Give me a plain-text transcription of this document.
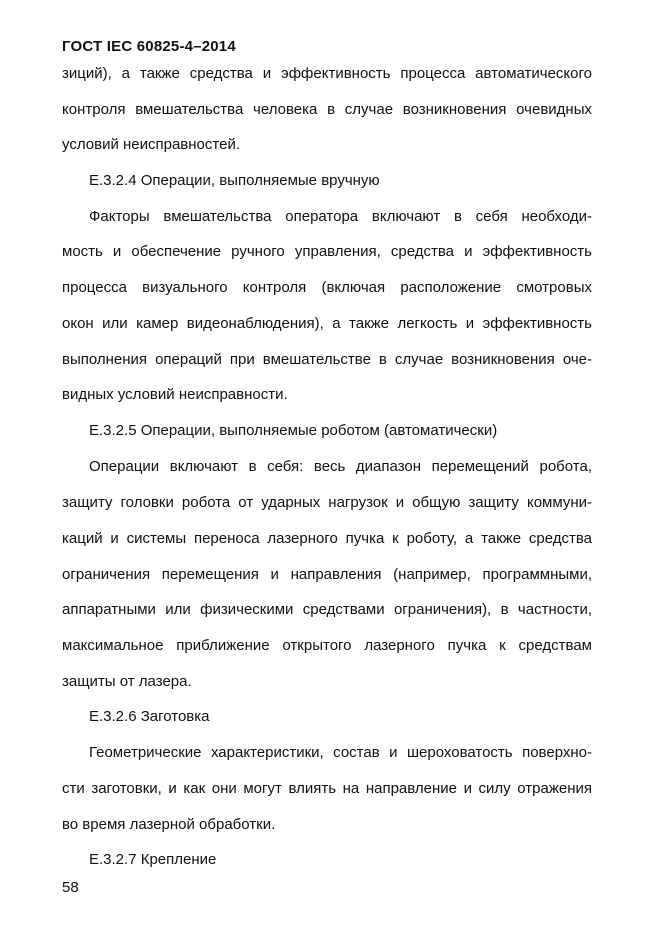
ГОСТ IEC 60825-4–2014
зиций), а также средства и эффективность процесса автоматического
контроля вмешательства человека в случае возникновения очевидных
условий неисправностей.
Е.3.2.4 Операции, выполняемые вручную
Факторы вмешательства оператора включают в себя необходи-
мость и обеспечение ручного управления, средства и эффективность
процесса визуального контроля (включая расположение смотровых
окон или камер видеонаблюдения), а также легкость и эффективность
выполнения операций при вмешательстве в случае возникновения оче-
видных условий неисправности.
Е.3.2.5 Операции, выполняемые роботом (автоматически)
Операции включают в себя: весь диапазон перемещений робота,
защиту головки робота от ударных нагрузок и общую защиту коммуни-
каций и системы переноса лазерного пучка к роботу, а также средства
ограничения перемещения и направления (например, программными,
аппаратными или физическими средствами ограничения), в частности,
максимальное приближение открытого лазерного пучка к средствам
защиты от лазера.
Е.3.2.6 Заготовка
Геометрические характеристики, состав и шероховатость поверхно-
сти заготовки, и как они могут влиять на направление и силу отражения
во время лазерной обработки.
Е.3.2.7 Крепление
58
